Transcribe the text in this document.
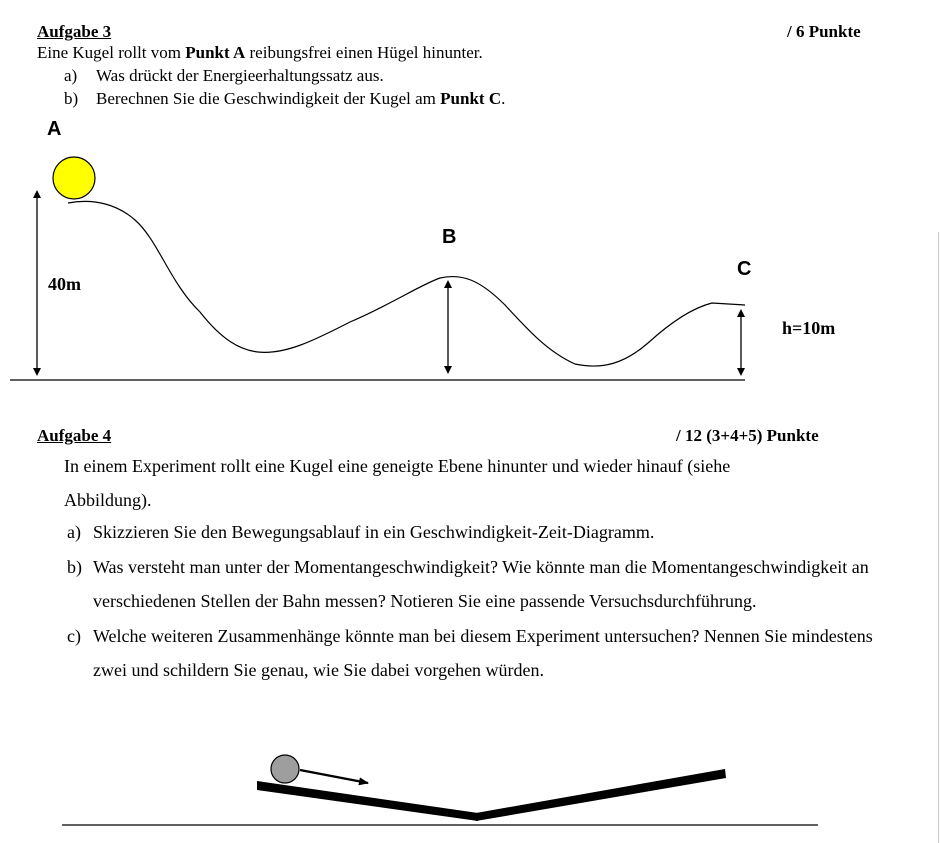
Aufgabe 3	/ 6 Punkte
Eine Kugel rollt vom Punkt A reibungsfrei einen Hügel hinunter.
a) Was drückt der Energieerhaltungssatz aus.
b) Berechnen Sie die Geschwindigkeit der Kugel am Punkt C.
A
B
C
40m
h=10m
Aufgabe 4	/ 12 (3+4+5) Punkte
In einem Experiment rollt eine Kugel eine geneigte Ebene hinunter und wieder hinauf (siehe Abbildung).
a) Skizzieren Sie den Bewegungsablauf in ein Geschwindigkeit-Zeit-Diagramm.
b) Was versteht man unter der Momentangeschwindigkeit? Wie könnte man die Momentangeschwindigkeit an verschiedenen Stellen der Bahn messen? Notieren Sie eine passende Versuchsdurchführung.
c) Welche weiteren Zusammenhänge könnte man bei diesem Experiment untersuchen? Nennen Sie mindestens zwei und schildern Sie genau, wie Sie dabei vorgehen würden.
